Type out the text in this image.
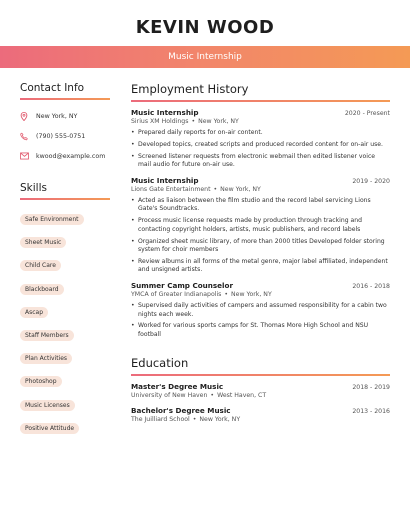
KEVIN WOOD
Music Internship
Contact Info
New York, NY
(790) 555-0751
kwood@example.com
Skills
Safe Environment
Sheet Music
Child Care
Blackboard
Ascap
Staff Members
Plan Activities
Photoshop
Music Licenses
Positive Attitude
Employment History
Music Internship	2020 - Present
Sirius XM Holdings • New York, NY
• Prepared daily reports for on-air content.
• Developed topics, created scripts and produced recorded content for on-air use.
• Screened listener requests from electronic webmail then edited listener voice mail audio for future on-air use.
Music Internship	2019 - 2020
Lions Gate Entertainment • New York, NY
• Acted as liaison between the film studio and the record label servicing Lions Gate's Soundtracks.
• Process music license requests made by production through tracking and contacting copyright holders, artists, music publishers, and record labels
• Organized sheet music library, of more than 2000 titles Developed folder storing system for choir members
• Review albums in all forms of the metal genre, major label affiliated, independent and unsigned artists.
Summer Camp Counselor	2016 - 2018
YMCA of Greater Indianapolis • New York, NY
• Supervised daily activities of campers and assumed responsibility for a cabin two nights each week.
• Worked for various sports camps for St. Thomas More High School and NSU football
Education
Master's Degree Music	2018 - 2019
University of New Haven • West Haven, CT
Bachelor's Degree Music	2013 - 2016
The Juilliard School • New York, NY
